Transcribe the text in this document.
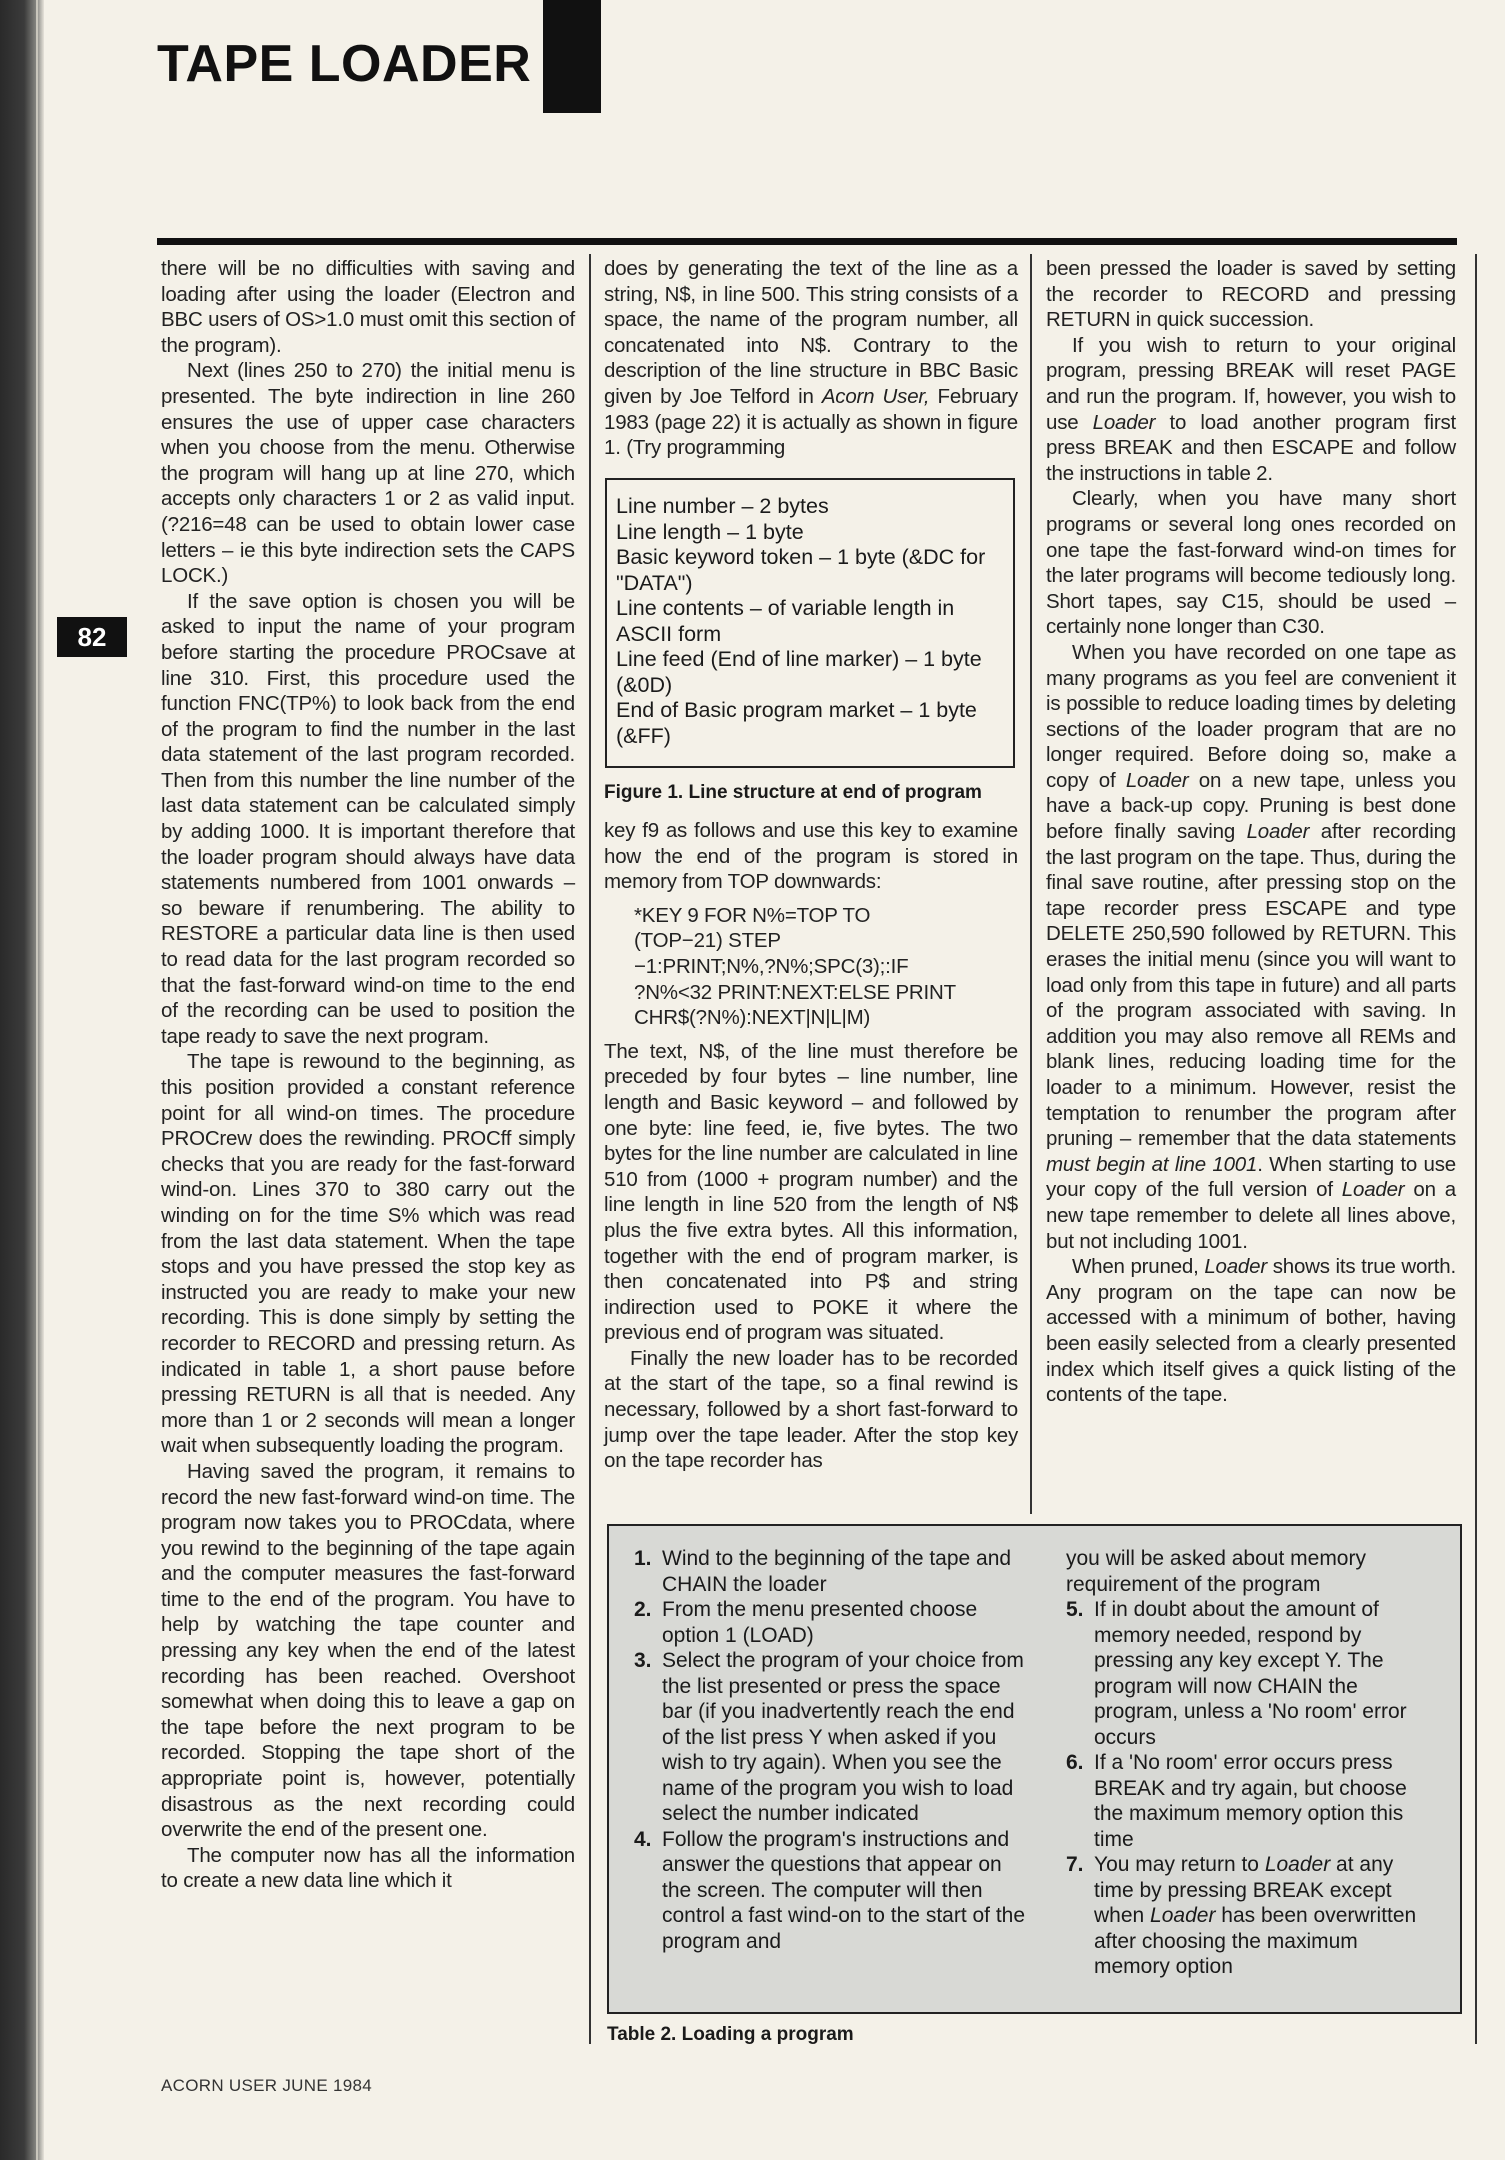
TAPE LOADER
82

there will be no difficulties with saving and loading after using the loader (Electron and BBC users of OS>1.0 must omit this section of the program).

Next (lines 250 to 270) the initial menu is presented. The byte indirection in line 260 ensures the use of upper case characters when you choose from the menu. Otherwise the program will hang up at line 270, which accepts only characters 1 or 2 as valid input. (?216=48 can be used to obtain lower case letters – ie this byte indirection sets the CAPS LOCK.)

If the save option is chosen you will be asked to input the name of your program before starting the procedure PROCsave at line 310. First, this procedure used the function FNC(TP%) to look back from the end of the program to find the number in the last data statement of the last program recorded. Then from this number the line number of the last data statement can be calculated simply by adding 1000. It is important therefore that the loader program should always have data statements numbered from 1001 onwards – so beware if renumbering. The ability to RESTORE a particular data line is then used to read data for the last program recorded so that the fast-forward wind-on time to the end of the recording can be used to position the tape ready to save the next program.

The tape is rewound to the beginning, as this position provided a constant reference point for all wind-on times. The procedure PROCrew does the rewinding. PROCff simply checks that you are ready for the fast-forward wind-on. Lines 370 to 380 carry out the winding on for the time S% which was read from the last data statement. When the tape stops and you have pressed the stop key as instructed you are ready to make your new recording. This is done simply by setting the recorder to RECORD and pressing return. As indicated in table 1, a short pause before pressing RETURN is all that is needed. Any more than 1 or 2 seconds will mean a longer wait when subsequently loading the program.

Having saved the program, it remains to record the new fast-forward wind-on time. The program now takes you to PROCdata, where you rewind to the beginning of the tape again and the computer measures the fast-forward time to the end of the program. You have to help by watching the tape counter and pressing any key when the end of the latest recording has been reached. Overshoot somewhat when doing this to leave a gap on the tape before the next program to be recorded. Stopping the tape short of the appropriate point is, however, potentially disastrous as the next recording could overwrite the end of the present one.

The computer now has all the information to create a new data line which it

does by generating the text of the line as a string, N$, in line 500. This string consists of a space, the name of the program number, all concatenated into N$. Contrary to the description of the line structure in BBC Basic given by Joe Telford in Acorn User, February 1983 (page 22) it is actually as shown in figure 1. (Try programming

Line number – 2 bytes
Line length – 1 byte
Basic keyword token – 1 byte (&DC for "DATA")
Line contents – of variable length in ASCII form
Line feed (End of line marker) – 1 byte (&0D)
End of Basic program market – 1 byte (&FF)
Figure 1. Line structure at end of program

key f9 as follows and use this key to examine how the end of the program is stored in memory from TOP downwards:

*KEY 9 FOR N%=TOP TO
(TOP−21) STEP
−1:PRINT;N%,?N%;SPC(3);:IF
?N%<32 PRINT:NEXT:ELSE PRINT
CHR$(?N%):NEXT|N|L|M)

The text, N$, of the line must therefore be preceded by four bytes – line number, line length and Basic keyword – and followed by one byte: line feed, ie, five bytes. The two bytes for the line number are calculated in line 510 from (1000 + program number) and the line length in line 520 from the length of N$ plus the five extra bytes. All this information, together with the end of program marker, is then concatenated into P$ and string indirection used to POKE it where the previous end of program was situated.

Finally the new loader has to be recorded at the start of the tape, so a final rewind is necessary, followed by a short fast-forward to jump over the tape leader. After the stop key on the tape recorder has

been pressed the loader is saved by setting the recorder to RECORD and pressing RETURN in quick succession.

If you wish to return to your original program, pressing BREAK will reset PAGE and run the program. If, however, you wish to use Loader to load another program first press BREAK and then ESCAPE and follow the instructions in table 2.

Clearly, when you have many short programs or several long ones recorded on one tape the fast-forward wind-on times for the later programs will become tediously long. Short tapes, say C15, should be used – certainly none longer than C30.

When you have recorded on one tape as many programs as you feel are convenient it is possible to reduce loading times by deleting sections of the loader program that are no longer required. Before doing so, make a copy of Loader on a new tape, unless you have a back-up copy. Pruning is best done before finally saving Loader after recording the last program on the tape. Thus, during the final save routine, after pressing stop on the tape recorder press ESCAPE and type DELETE 250,590 followed by RETURN. This erases the initial menu (since you will want to load only from this tape in future) and all parts of the program associated with saving. In addition you may also remove all REMs and blank lines, reducing loading time for the loader to a minimum. However, resist the temptation to renumber the program after pruning – remember that the data statements must begin at line 1001. When starting to use your copy of the full version of Loader on a new tape remember to delete all lines above, but not including 1001.

When pruned, Loader shows its true worth. Any program on the tape can now be accessed with a minimum of bother, having been easily selected from a clearly presented index which itself gives a quick listing of the contents of the tape.

1. Wind to the beginning of the tape and CHAIN the loader

2. From the menu presented choose option 1 (LOAD)

3. Select the program of your choice from the list presented or press the space bar (if you inadvertently reach the end of the list press Y when asked if you wish to try again). When you see the name of the program you wish to load select the number indicated

4. Follow the program's instructions and answer the questions that appear on the screen. The computer will then control a fast wind-on to the start of the program and

you will be asked about memory requirement of the program

5. If in doubt about the amount of memory needed, respond by pressing any key except Y. The program will now CHAIN the program, unless a 'No room' error occurs

6. If a 'No room' error occurs press BREAK and try again, but choose the maximum memory option this time

7. You may return to Loader at any time by pressing BREAK except when Loader has been overwritten after choosing the maximum memory option

Table 2. Loading a program
ACORN USER JUNE 1984
